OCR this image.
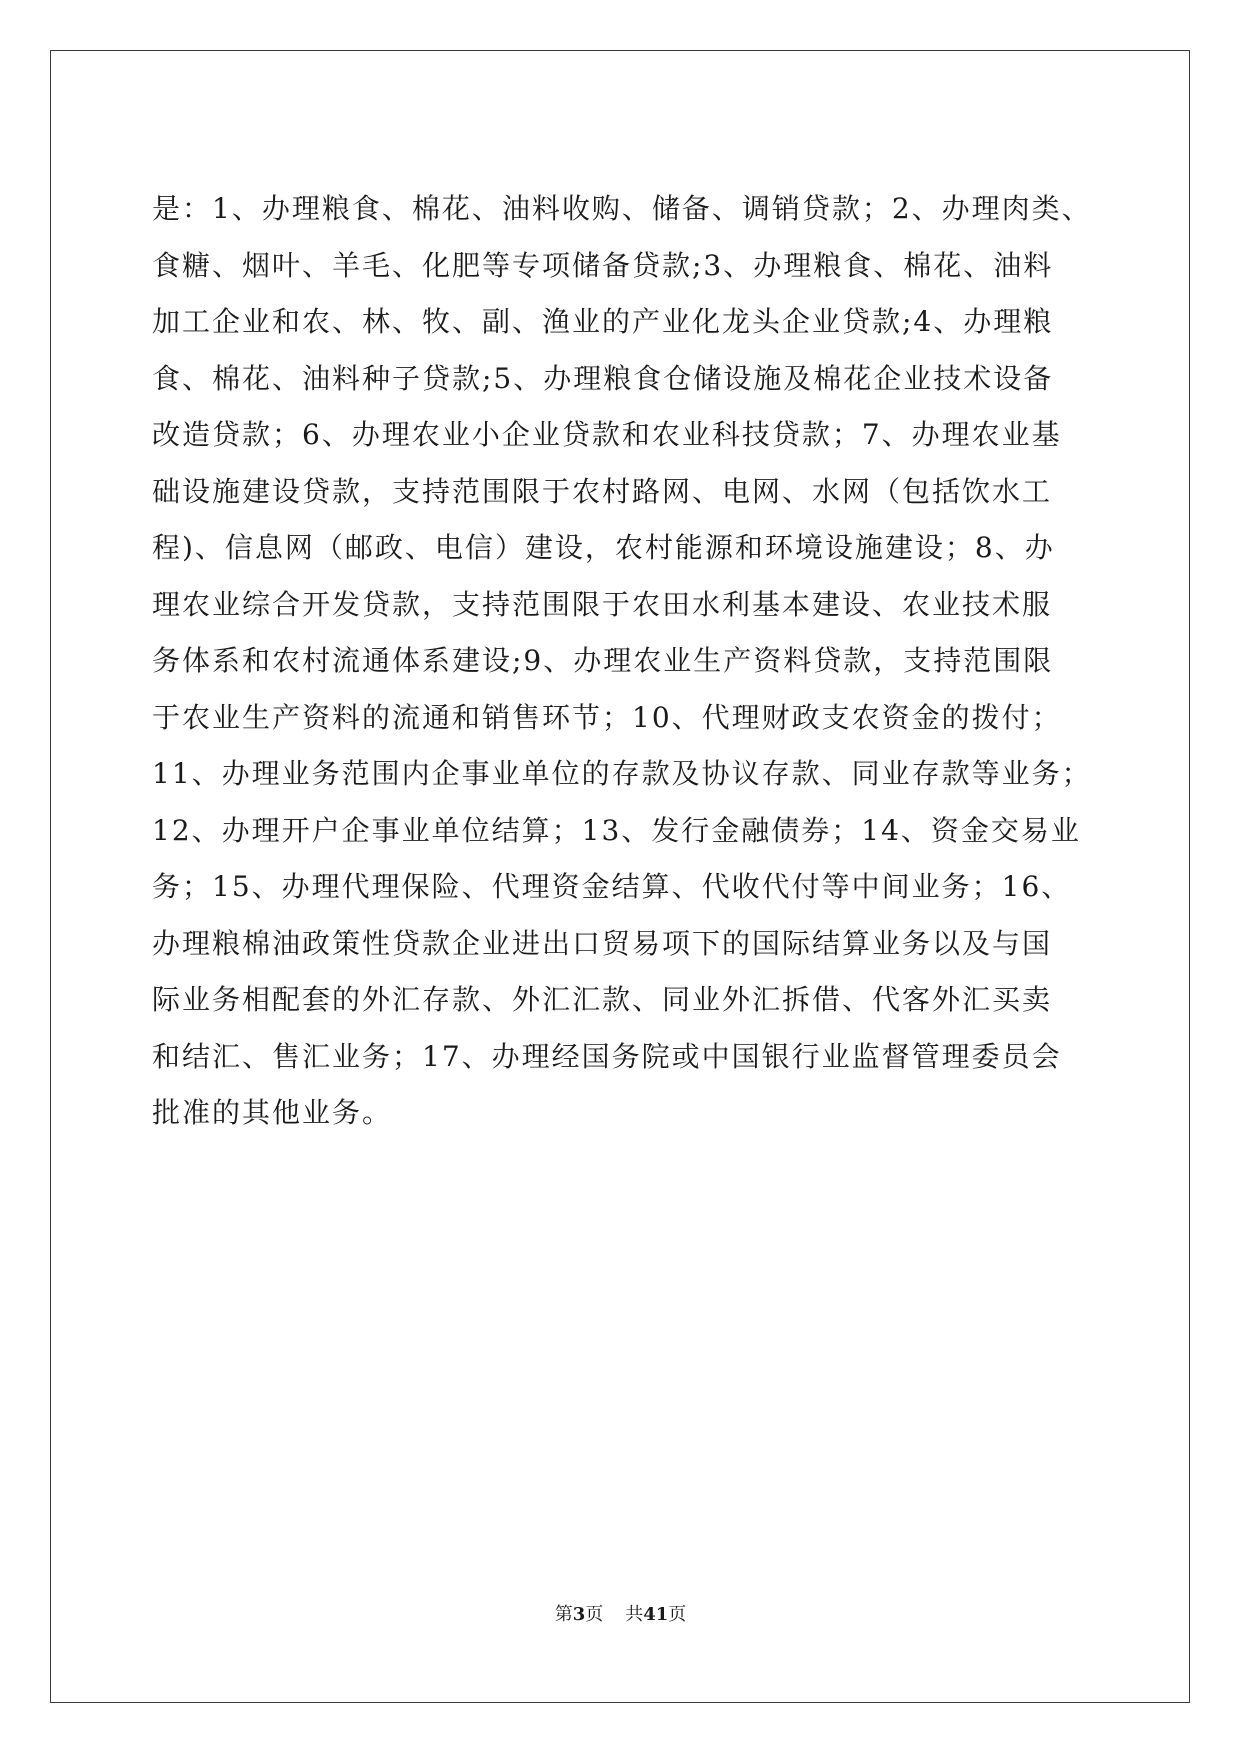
是：1、办理粮食、棉花、油料收购、储备、调销贷款；2、办理肉类、
食糖、烟叶、羊毛、化肥等专项储备贷款;3、办理粮食、棉花、油料
加工企业和农、林、牧、副、渔业的产业化龙头企业贷款;4、办理粮
食、棉花、油料种子贷款;5、办理粮食仓储设施及棉花企业技术设备
改造贷款；6、办理农业小企业贷款和农业科技贷款；7、办理农业基
础设施建设贷款，支持范围限于农村路网、电网、水网（包括饮水工
程)、信息网（邮政、电信）建设，农村能源和环境设施建设；8、办
理农业综合开发贷款，支持范围限于农田水利基本建设、农业技术服
务体系和农村流通体系建设;9、办理农业生产资料贷款，支持范围限
于农业生产资料的流通和销售环节；10、代理财政支农资金的拨付；
11、办理业务范围内企事业单位的存款及协议存款、同业存款等业务；
12、办理开户企事业单位结算；13、发行金融债券；14、资金交易业
务；15、办理代理保险、代理资金结算、代收代付等中间业务；16、
办理粮棉油政策性贷款企业进出口贸易项下的国际结算业务以及与国
际业务相配套的外汇存款、外汇汇款、同业外汇拆借、代客外汇买卖
和结汇、售汇业务；17、办理经国务院或中国银行业监督管理委员会
批准的其他业务。
第3页 共41页
